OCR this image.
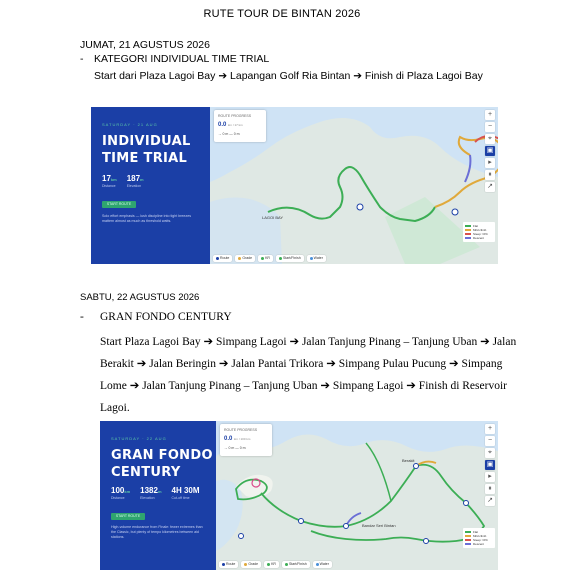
RUTE TOUR DE BINTAN 2026
JUMAT, 21 AGUSTUS 2026
- KATEGORI INDIVIDUAL TIME TRIAL
Start dari Plaza Lagoi Bay ➔ Lapangan Golf Ria Bintan ➔ Finish di Plaza Lagoi Bay
SATURDAY · 21 AUG
INDIVIDUAL
TIME TRIAL
17km
Distance
187m
Elevation
START ROUTE
Solo effort emphasis — lush discipline into tight breezes mattern almost as much as threshold watts.
LAGOI BAY
ROUTE PROGRESS
0.0 km / 17 km
→ 0 m — 0 m
+
−
⌖
▣
▸
⏸
↗
Flat
Mild climb
Steep >6%
Descent
Route	Grade	KR	Start/Finish	Water
SABTU, 22 AGUSTUS 2026
- GRAN FONDO CENTURY
Start Plaza Lagoi Bay ➔ Simpang Lagoi ➔ Jalan Tanjung Pinang – Tanjung Uban ➔ Jalan Berakit ➔ Jalan Beringin ➔ Jalan Pantai Trikora ➔ Simpang Pulau Pucung ➔ Simpang Lome ➔ Jalan Tanjung Pinang – Tanjung Uban ➔ Simpang Lagoi ➔ Finish di Reservoir Lagoi.
SATURDAY · 22 AUG
GRAN FONDO
CENTURY
100km
Distance
1382m
Elevation
4H 30M
Cut-off time
START ROUTE
High-volume endurance from Finale: fewer extremes than the Classic, but plenty of tempo kilometres between aid stations.
Berakit
Bandar Seri Bintan
ROUTE PROGRESS
0.0 km / 100 km
→ 0 m — 0 m
+
−
⌖
▣
▸
⏸
↗
Flat
Mild climb
Steep >6%
Descent
Route	Grade	KR	Start/Finish	Water
